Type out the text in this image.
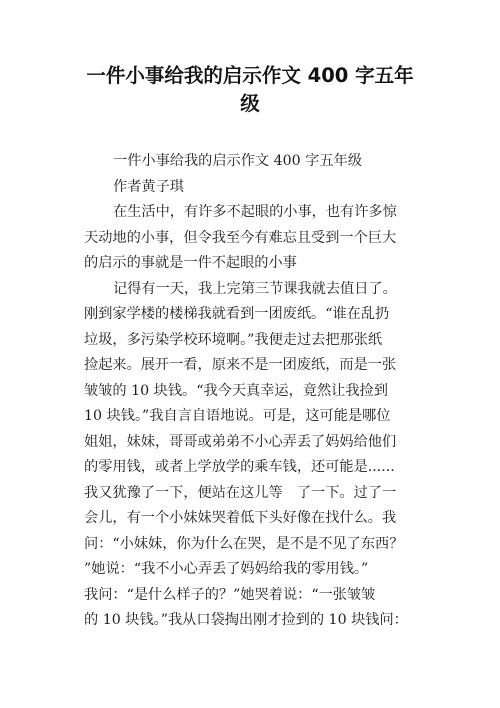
一件小事给我的启示作文 400 字五年
级
一件小事给我的启示作文 400 字五年级
作者黄子琪
在生活中，有许多不起眼的小事，也有许多惊
天动地的小事，但令我至今有难忘且受到一个巨大
的启示的事就是一件不起眼的小事
记得有一天，我上完第三节课我就去值日了。
刚到家学楼的楼梯我就看到一团废纸。“谁在乱扔
垃圾，多污染学校环境啊。”我便走过去把那张纸
捡起来。展开一看，原来不是一团废纸，而是一张
皱皱的 10 块钱。“我今天真幸运，竟然让我捡到
10 块钱。”我自言自语地说。可是，这可能是哪位
姐姐，妹妹，哥哥或弟弟不小心弄丢了妈妈给他们
的零用钱，或者上学放学的乘车钱，还可能是......
我又犹豫了一下，便站在这儿等　了一下。过了一
会儿，有一个小妹妹哭着低下头好像在找什么。我
问：“小妹妹，你为什么在哭，是不是不见了东西？
”她说：“我不小心弄丢了妈妈给我的零用钱。”
我问：“是什么样子的？”她哭着说：“一张皱皱
的 10 块钱。”我从口袋掏出刚才捡到的 10 块钱问：
